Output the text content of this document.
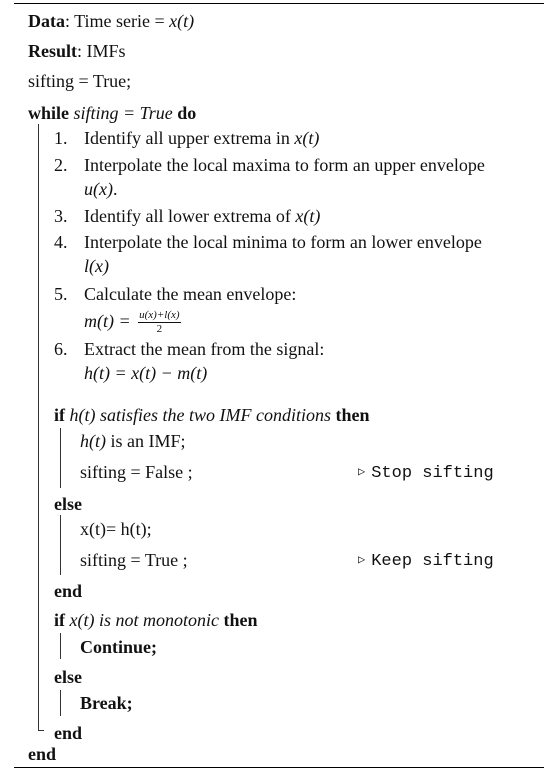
Data: Time serie = x(t)
Result: IMFs
sifting = True;
while sifting = True do
1. Identify all upper extrema in x(t)
2. Interpolate the local maxima to form an upper envelope
u(x).
3. Identify all lower extrema of x(t)
4. Interpolate the local minima to form an lower envelope
l(x)
5. Calculate the mean envelope:
$m(t) = \frac{u(x)+l(x)}{2}$
6. Extract the mean from the signal:
h(t) = x(t) − m(t)
if h(t) satisfies the two IMF conditions then
h(t) is an IMF;
sifting = False ;	▷ Stop sifting
else
x(t)= h(t);
sifting = True ;	▷ Keep sifting
end
if x(t) is not monotonic then
Continue;
else
Break;
end
end
